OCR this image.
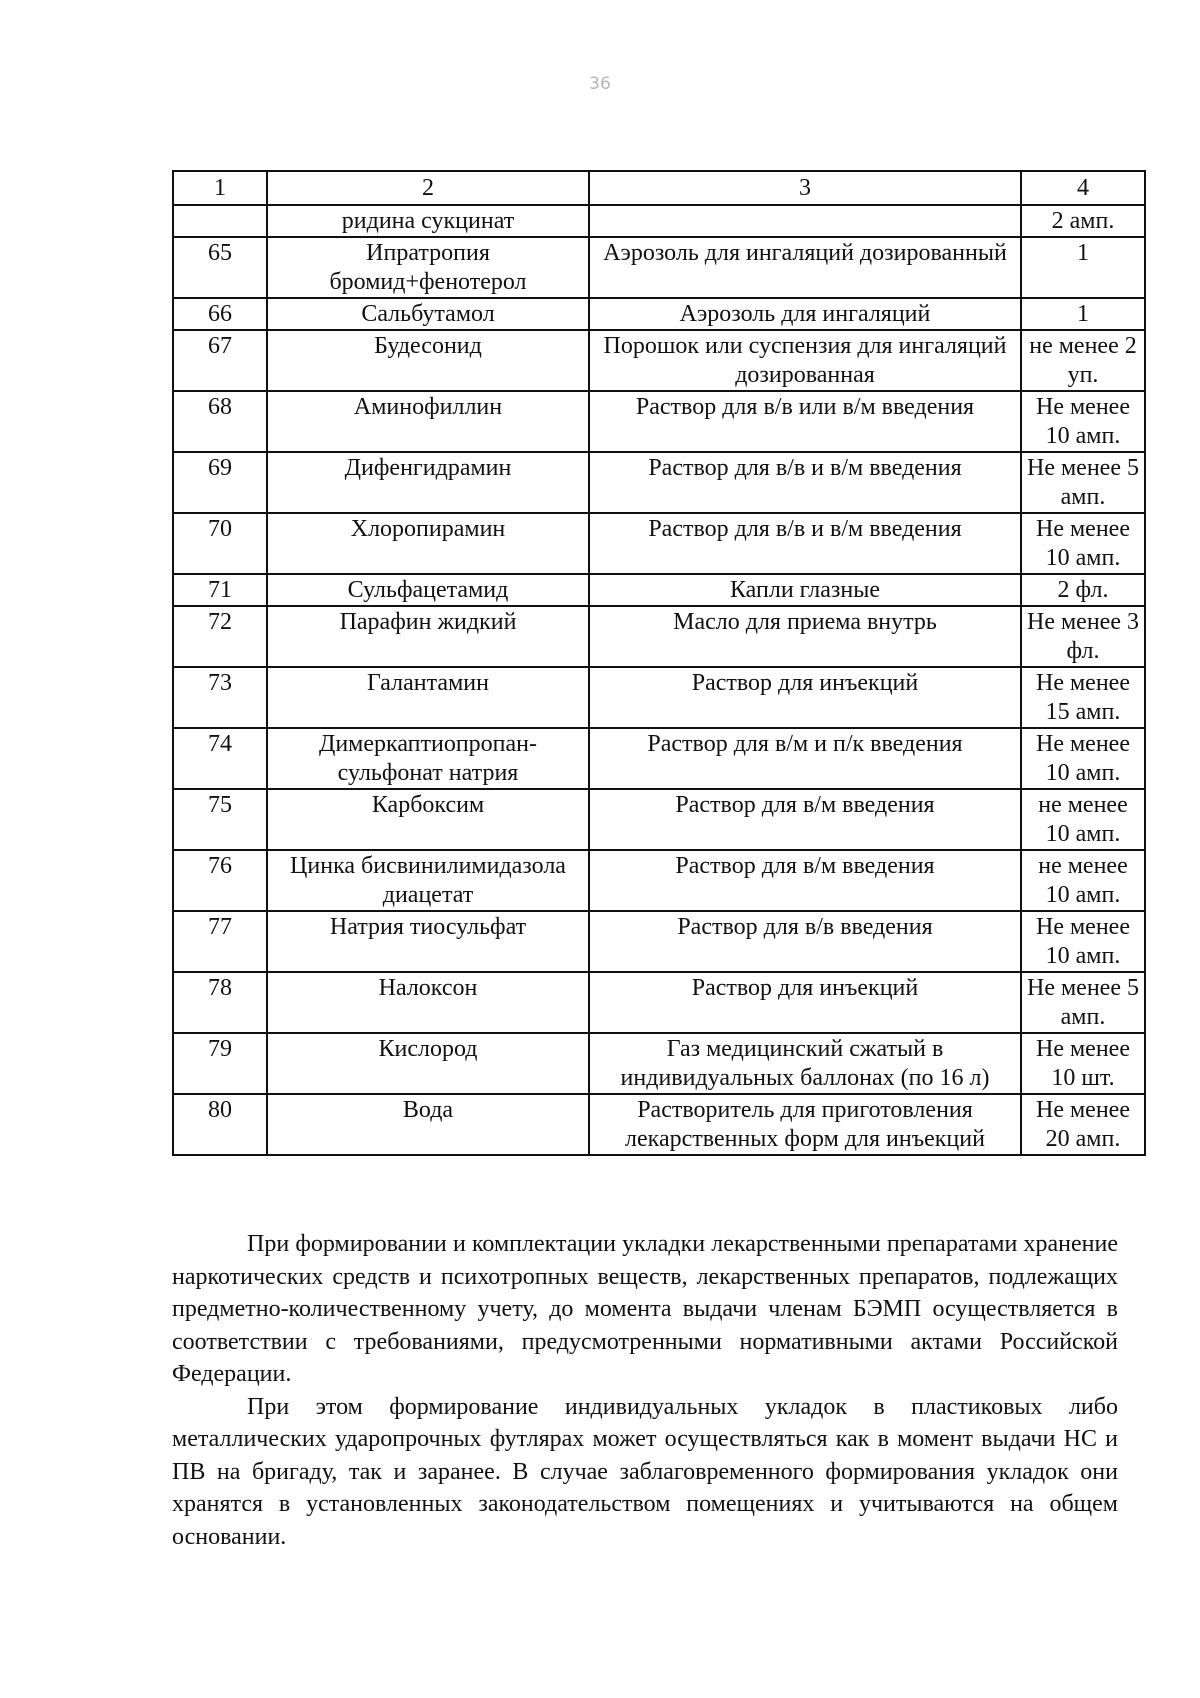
36
1	2	3	4
	ридина сукцинат		2 амп.
65	Ипратропия бромид+фенотерол	Аэрозоль для ингаляций дозированный	1
66	Сальбутамол	Аэрозоль для ингаляций	1
67	Будесонид	Порошок или суспензия для ингаляций дозированная	не менее 2 уп.
68	Аминофиллин	Раствор для в/в или в/м введения	Не менее 10 амп.
69	Дифенгидрамин	Раствор для в/в и в/м введения	Не менее 5 амп.
70	Хлоропирамин	Раствор для в/в и в/м введения	Не менее 10 амп.
71	Сульфацетамид	Капли глазные	2 фл.
72	Парафин жидкий	Масло для приема внутрь	Не менее 3 фл.
73	Галантамин	Раствор для инъекций	Не менее 15 амп.
74	Димеркаптиопропан- сульфонат натрия	Раствор для в/м и п/к введения	Не менее 10 амп.
75	Карбоксим	Раствор для в/м введения	не менее 10 амп.
76	Цинка бисвинилимидазола диацетат	Раствор для в/м введения	не менее 10 амп.
77	Натрия тиосульфат	Раствор для в/в введения	Не менее 10 амп.
78	Налоксон	Раствор для инъекций	Не менее 5 амп.
79	Кислород	Газ медицинский сжатый в индивидуальных баллонах (по 16 л)	Не менее 10 шт.
80	Вода	Растворитель для приготовления лекарственных форм для инъекций	Не менее 20 амп.

При формировании и комплектации укладки лекарственными препаратами хранение наркотических средств и психотропных веществ, лекарственных препаратов, подлежащих предметно-количественному учету, до момента выдачи членам БЭМП осуществляется в соответствии с требованиями, предусмотренными нормативными актами Российской Федерации.

При этом формирование индивидуальных укладок в пластиковых либо металлических ударопрочных футлярах может осуществляться как в момент выдачи НС и ПВ на бригаду, так и заранее. В случае заблаговременного формирования укладок они хранятся в установленных законодательством помещениях и учитываются на общем основании.
